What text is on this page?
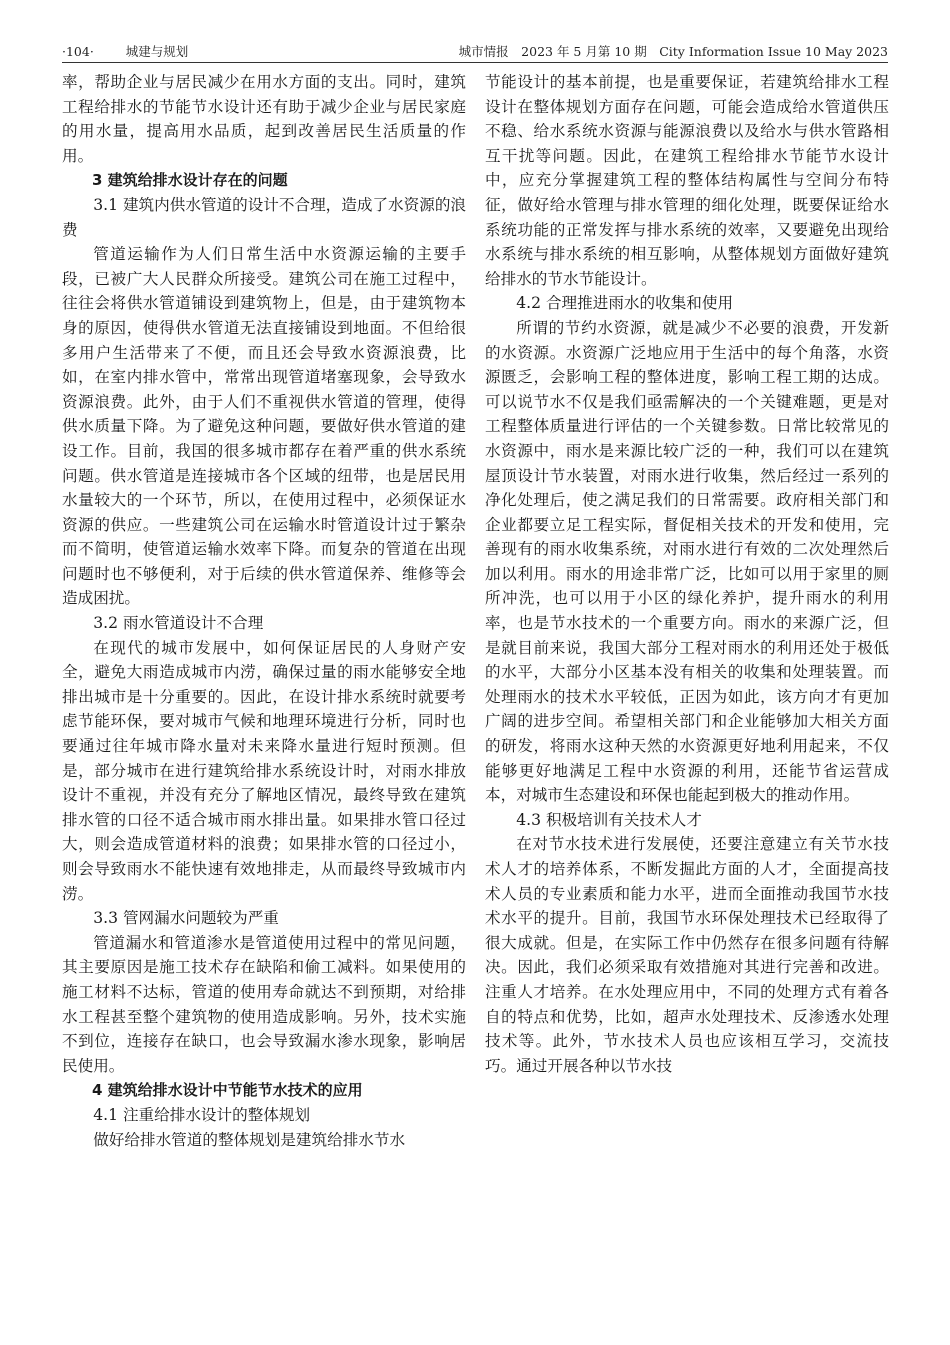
·104·	城建与规划	城市情报　2023 年 5 月第 10 期　City Information Issue 10 May 2023

率，帮助企业与居民减少在用水方面的支出。同时，建筑工程给排水的节能节水设计还有助于减少企业与居民家庭的用水量，提高用水品质，起到改善居民生活质量的作用。

3 建筑给排水设计存在的问题

3.1 建筑内供水管道的设计不合理，造成了水资源的浪费

管道运输作为人们日常生活中水资源运输的主要手段，已被广大人民群众所接受。建筑公司在施工过程中，往往会将供水管道铺设到建筑物上，但是，由于建筑物本身的原因，使得供水管道无法直接铺设到地面。不但给很多用户生活带来了不便，而且还会导致水资源浪费，比如，在室内排水管中，常常出现管道堵塞现象，会导致水资源浪费。此外，由于人们不重视供水管道的管理，使得供水质量下降。为了避免这种问题，要做好供水管道的建设工作。目前，我国的很多城市都存在着严重的供水系统问题。供水管道是连接城市各个区域的纽带，也是居民用水量较大的一个环节，所以，在使用过程中，必须保证水资源的供应。一些建筑公司在运输水时管道设计过于繁杂而不简明，使管道运输水效率下降。而复杂的管道在出现问题时也不够便利，对于后续的供水管道保养、维修等会造成困扰。

3.2 雨水管道设计不合理

在现代的城市发展中，如何保证居民的人身财产安全，避免大雨造成城市内涝，确保过量的雨水能够安全地排出城市是十分重要的。因此，在设计排水系统时就要考虑节能环保，要对城市气候和地理环境进行分析，同时也要通过往年城市降水量对未来降水量进行短时预测。但是，部分城市在进行建筑给排水系统设计时，对雨水排放设计不重视，并没有充分了解地区情况，最终导致在建筑排水管的口径不适合城市雨水排出量。如果排水管口径过大，则会造成管道材料的浪费；如果排水管的口径过小，则会导致雨水不能快速有效地排走，从而最终导致城市内涝。

3.3 管网漏水问题较为严重

管道漏水和管道渗水是管道使用过程中的常见问题，其主要原因是施工技术存在缺陷和偷工减料。如果使用的施工材料不达标，管道的使用寿命就达不到预期，对给排水工程甚至整个建筑物的使用造成影响。另外，技术实施不到位，连接存在缺口，也会导致漏水渗水现象，影响居民使用。

4 建筑给排水设计中节能节水技术的应用

4.1 注重给排水设计的整体规划

做好给排水管道的整体规划是建筑给排水节水

节能设计的基本前提，也是重要保证，若建筑给排水工程设计在整体规划方面存在问题，可能会造成给水管道供压不稳、给水系统水资源与能源浪费以及给水与供水管路相互干扰等问题。因此，在建筑工程给排水节能节水设计中，应充分掌握建筑工程的整体结构属性与空间分布特征，做好给水管理与排水管理的细化处理，既要保证给水系统功能的正常发挥与排水系统的效率，又要避免出现给水系统与排水系统的相互影响，从整体规划方面做好建筑给排水的节水节能设计。

4.2 合理推进雨水的收集和使用

所谓的节约水资源，就是减少不必要的浪费，开发新的水资源。水资源广泛地应用于生活中的每个角落，水资源匮乏，会影响工程的整体进度，影响工程工期的达成。可以说节水不仅是我们亟需解决的一个关键难题，更是对工程整体质量进行评估的一个关键参数。日常比较常见的水资源中，雨水是来源比较广泛的一种，我们可以在建筑屋顶设计节水装置，对雨水进行收集，然后经过一系列的净化处理后，使之满足我们的日常需要。政府相关部门和企业都要立足工程实际，督促相关技术的开发和使用，完善现有的雨水收集系统，对雨水进行有效的二次处理然后加以利用。雨水的用途非常广泛，比如可以用于家里的厕所冲洗，也可以用于小区的绿化养护，提升雨水的利用率，也是节水技术的一个重要方向。雨水的来源广泛，但是就目前来说，我国大部分工程对雨水的利用还处于极低的水平，大部分小区基本没有相关的收集和处理装置。而处理雨水的技术水平较低，正因为如此，该方向才有更加广阔的进步空间。希望相关部门和企业能够加大相关方面的研发，将雨水这种天然的水资源更好地利用起来，不仅能够更好地满足工程中水资源的利用，还能节省运营成本，对城市生态建设和环保也能起到极大的推动作用。

4.3 积极培训有关技术人才

在对节水技术进行发展使，还要注意建立有关节水技术人才的培养体系，不断发掘此方面的人才，全面提高技术人员的专业素质和能力水平，进而全面推动我国节水技术水平的提升。目前，我国节水环保处理技术已经取得了很大成就。但是，在实际工作中仍然存在很多问题有待解决。因此，我们必须采取有效措施对其进行完善和改进。注重人才培养。在水处理应用中，不同的处理方式有着各自的特点和优势，比如，超声水处理技术、反渗透水处理技术等。此外，节水技术人员也应该相互学习，交流技巧。通过开展各种以节水技
